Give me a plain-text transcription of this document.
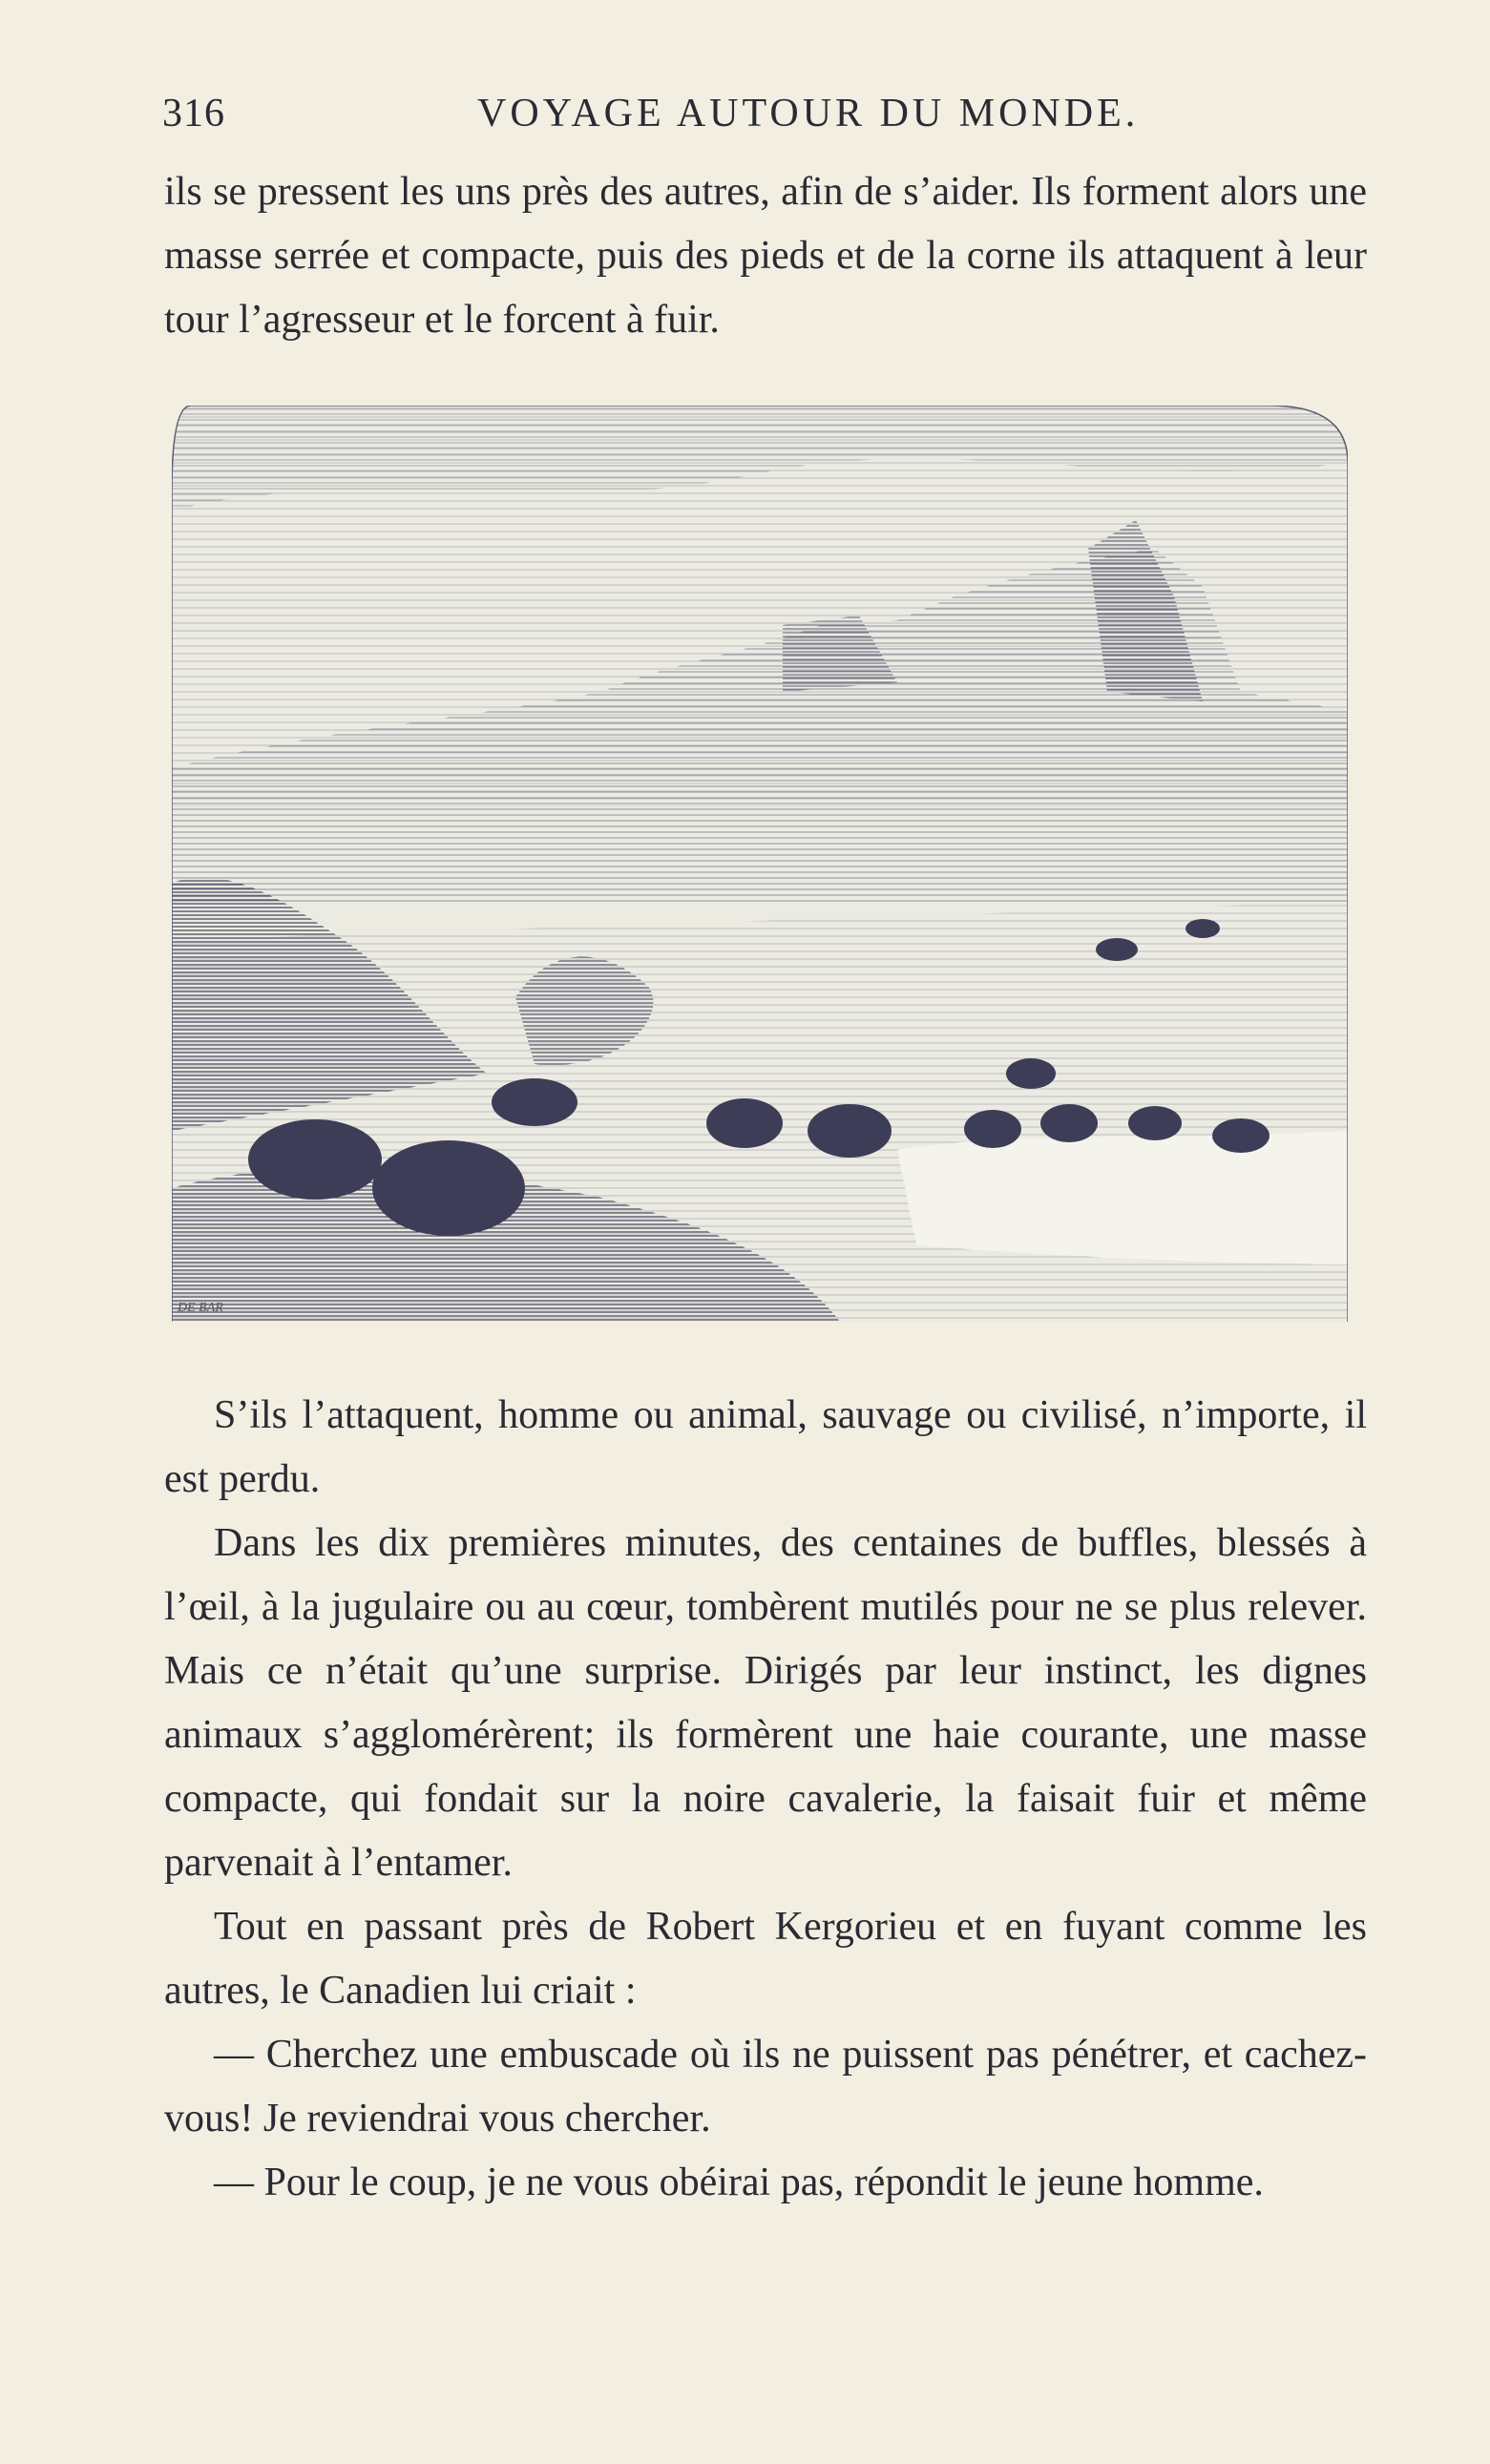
316	VOYAGE AUTOUR DU MONDE.

ils se pressent les uns près des autres, afin de s’aider. Ils forment alors une masse serrée et compacte, puis des pieds et de la corne ils attaquent à leur tour l’agresseur et le forcent à fuir.

DE BAR

S’ils l’attaquent, homme ou animal, sauvage ou civilisé, n’importe, il est perdu.

Dans les dix premières minutes, des centaines de buffles, blessés à l’œil, à la jugulaire ou au cœur, tombèrent mutilés pour ne se plus relever. Mais ce n’était qu’une surprise. Dirigés par leur instinct, les dignes animaux s’agglomérèrent; ils formèrent une haie courante, une masse compacte, qui fondait sur la noire cavalerie, la faisait fuir et même parvenait à l’entamer.

Tout en passant près de Robert Kergorieu et en fuyant comme les autres, le Canadien lui criait :

— Cherchez une embuscade où ils ne puissent pas pénétrer, et cachez-vous! Je reviendrai vous chercher.

— Pour le coup, je ne vous obéirai pas, répondit le jeune homme.
